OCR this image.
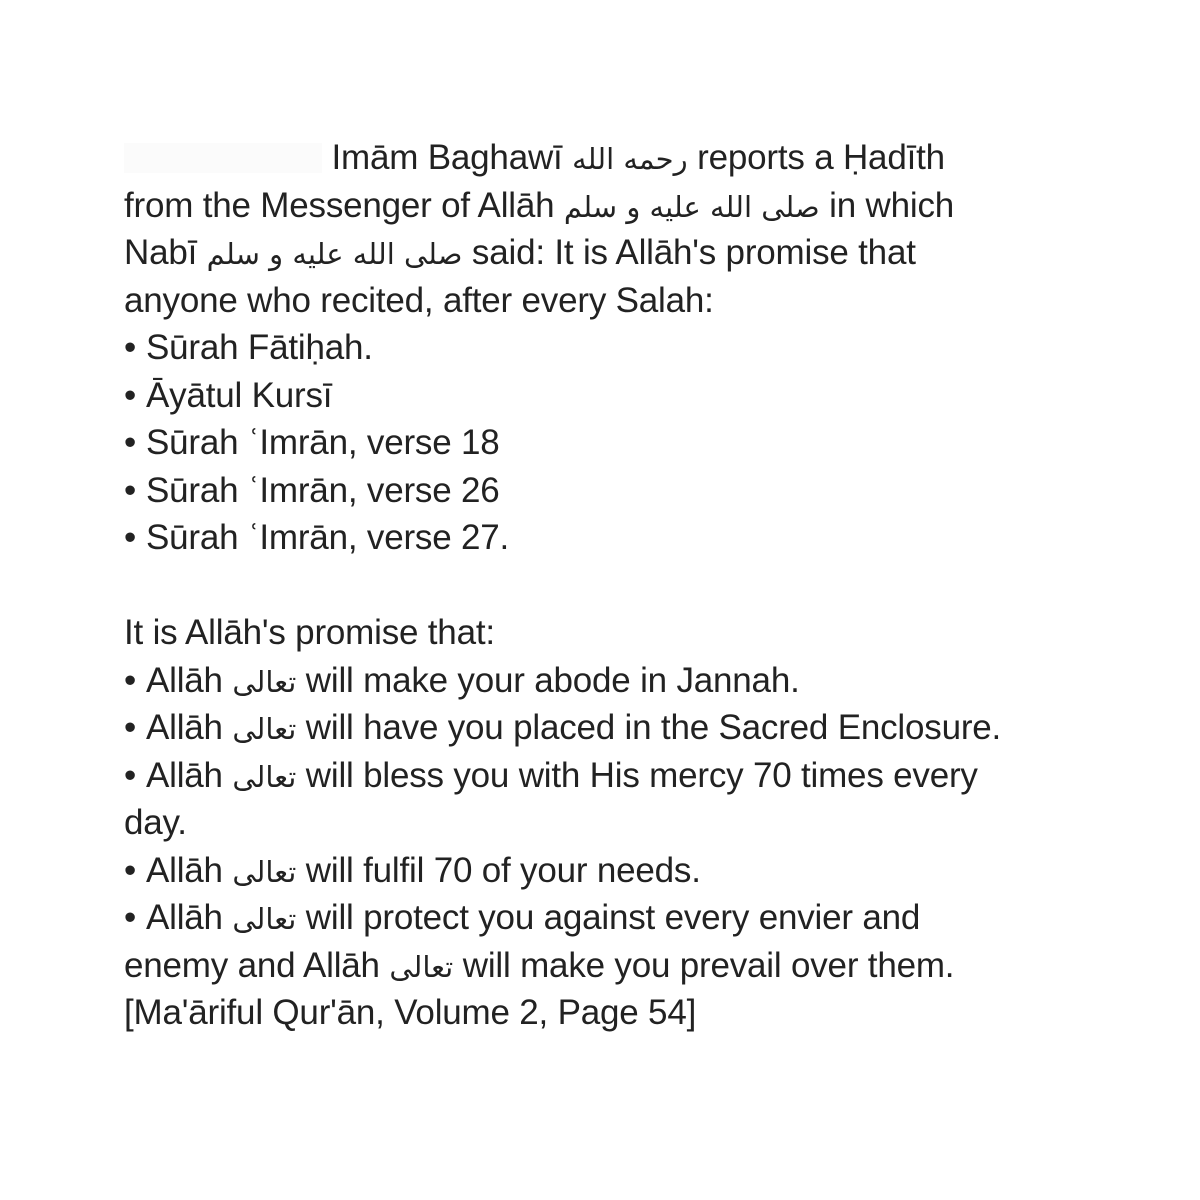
Imām Baghawī رحمه الله reports a Ḥadīth
from the Messenger of Allāh صلى الله عليه و سلم in which
Nabī صلى الله عليه و سلم said: It is Allāh's promise that
anyone who recited, after every Salah:
• Sūrah Fātiḥah.
• Āyātul Kursī
• Sūrah ʿImrān, verse 18
• Sūrah ʿImrān, verse 26
• Sūrah ʿImrān, verse 27.
It is Allāh's promise that:
• Allāh تعالى will make your abode in Jannah.
• Allāh تعالى will have you placed in the Sacred Enclosure.
• Allāh تعالى will bless you with His mercy 70 times every
day.
• Allāh تعالى will fulfil 70 of your needs.
• Allāh تعالى will protect you against every envier and
enemy and Allāh تعالى will make you prevail over them.
[Ma'āriful Qur'ān, Volume 2, Page 54]
